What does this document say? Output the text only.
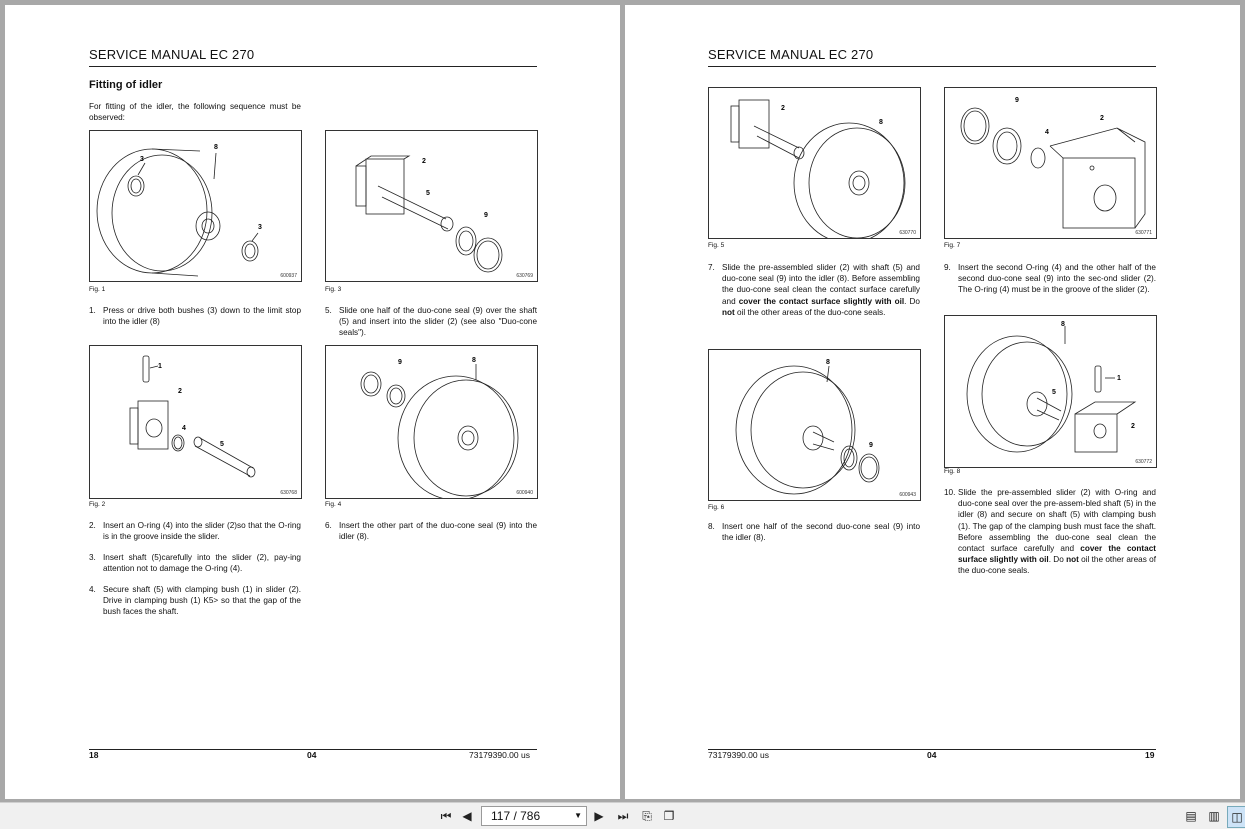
SERVICE MANUAL EC 270
Fitting of idler
For fitting of the idler, the following sequence must be observed:
8
3
3
600937
Fig. 1
2
5
9
630769
Fig. 3
1. Press or drive both bushes (3) down to the limit stop into the idler (8)
5. Slide one half of the duo-cone seal (9) over the shaft (5) and insert into the slider (2) (see also "Duo-cone seals").
1
2
4
5
630768
Fig. 2
9	8
600940
Fig. 4
2. Insert an O-ring (4) into the slider (2)so that the O-ring is in the groove inside the slider.
3. Insert shaft (5)carefully into the slider (2), pay-ing attention not to damage the O-ring (4).
4. Secure shaft (5) with clamping bush (1) in slider (2). Drive in clamping bush (1) K5> so that the gap of the bush faces the shaft.
6. Insert the other part of the duo-cone seal (9) into the idler (8).
18	04	73179390.00 us
SERVICE MANUAL EC 270
2
8
630770
Fig. 5
9
4
2
630771
Fig. 7
7. Slide the pre-assembled slider (2) with shaft (5) and duo-cone seal (9) into the idler (8). Before assembling the duo-cone seal clean the contact surface carefully and cover the contact surface slightly with oil. Do not oil the other areas of the duo-cone seals.
9. Insert the second O-ring (4) and the other half of the second duo-cone seal (9) into the sec-ond slider (2). The O-ring (4) must be in the groove of the slider (2).
8
9
600943
Fig. 6
8
1
5
2
630772
Fig. 8
8. Insert one half of the second duo-cone seal (9) into the idler (8).
10. Slide the pre-assembled slider (2) with O-ring and duo-cone seal over the pre-assem-bled shaft (5) in the idler (8) and secure on shaft (5) with clamping bush (1). The gap of the clamping bush must face the shaft. Before assembling the duo-cone seal clean the contact surface carefully and cover the contact surface slightly with oil. Do not oil the other areas of the duo-cone seals.
73179390.00 us	04	19
⏮ ◀	117 / 786	▼	▶	⏭	⎘ ❐	▤ ▥ ◫
